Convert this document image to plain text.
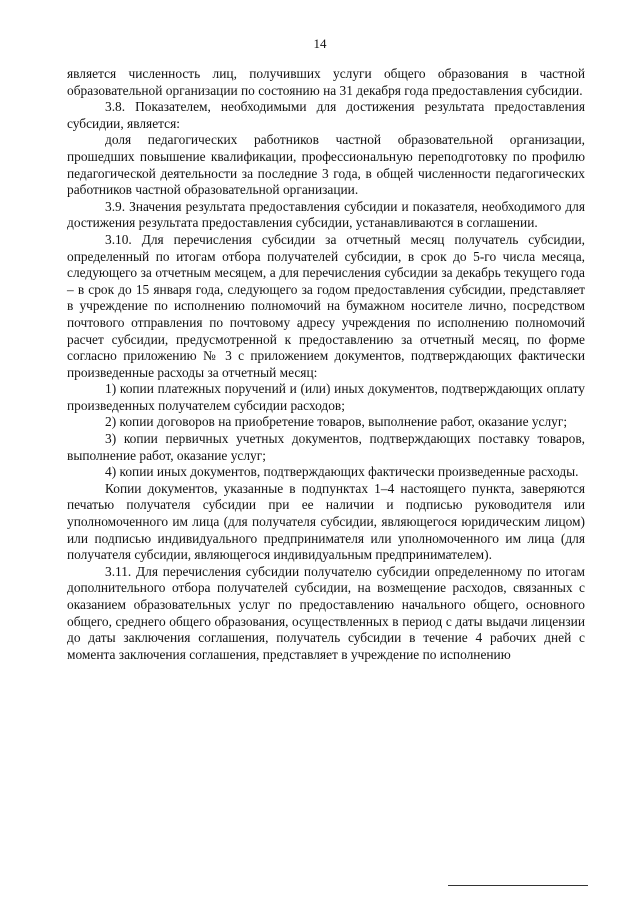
14

является численность лиц, получивших услуги общего образования в частной образовательной организации по состоянию на 31 декабря года предоставления субсидии.

3.8. Показателем, необходимыми для достижения результата предоставления субсидии, является:

доля педагогических работников частной образовательной организации, прошедших повышение квалификации, профессиональную переподготовку по профилю педагогической деятельности за последние 3 года, в общей численности педагогических работников частной образовательной организации.

3.9. Значения результата предоставления субсидии и показателя, необходимого для достижения результата предоставления субсидии, устанавливаются в соглашении.

3.10. Для перечисления субсидии за отчетный месяц получатель субсидии, определенный по итогам отбора получателей субсидии, в срок до 5-го числа месяца, следующего за отчетным месяцем, а для перечисления субсидии за декабрь текущего года – в срок до 15 января года, следующего за годом предоставления субсидии, представляет в учреждение по исполнению полномочий на бумажном носителе лично, посредством почтового отправления по почтовому адресу учреждения по исполнению полномочий расчет субсидии, предусмотренной к предоставлению за отчетный месяц, по форме согласно приложению № 3 с приложением документов, подтверждающих фактически произведенные расходы за отчетный месяц:

1) копии платежных поручений и (или) иных документов, подтверждающих оплату произведенных получателем субсидии расходов;

2) копии договоров на приобретение товаров, выполнение работ, оказание услуг;

3) копии первичных учетных документов, подтверждающих поставку товаров, выполнение работ, оказание услуг;

4) копии иных документов, подтверждающих фактически произведенные расходы.

Копии документов, указанные в подпунктах 1–4 настоящего пункта, заверяются печатью получателя субсидии при ее наличии и подписью руководителя или уполномоченного им лица (для получателя субсидии, являющегося юридическим лицом) или подписью индивидуального предпринимателя или уполномоченного им лица (для получателя субсидии, являющегося индивидуальным предпринимателем).

3.11. Для перечисления субсидии получателю субсидии определенному по итогам дополнительного отбора получателей субсидии, на возмещение расходов, связанных с оказанием образовательных услуг по предоставлению начального общего, основного общего, среднего общего образования, осуществленных в период с даты выдачи лицензии до даты заключения соглашения, получатель субсидии в течение 4 рабочих дней с момента заключения соглашения, представляет в учреждение по исполнению
